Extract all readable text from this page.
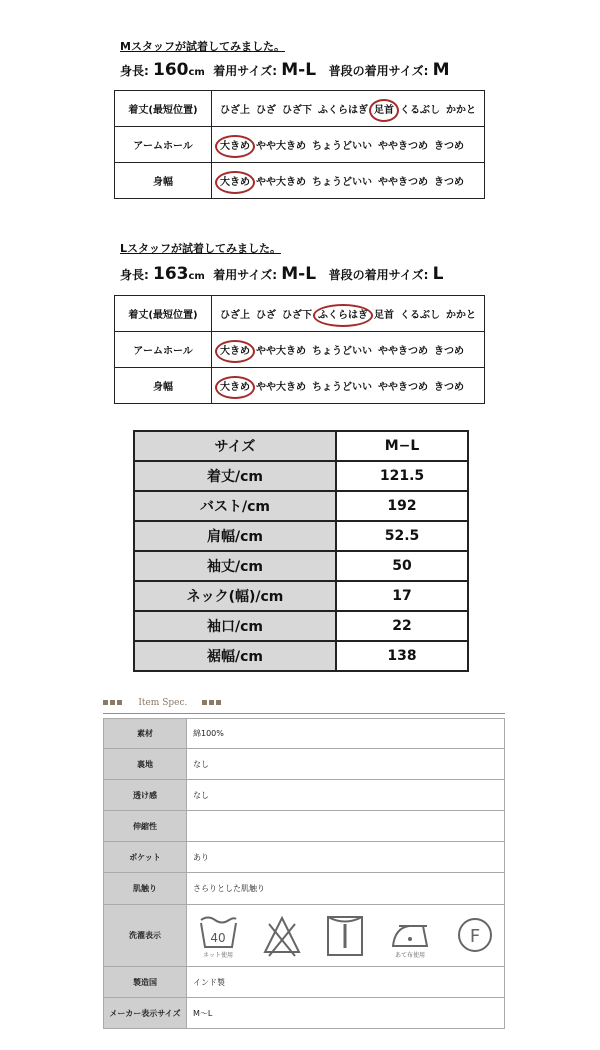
Mスタッフが試着してみました。
身長: 160cm 着用サイズ: M-L 普段の着用サイズ: M
着丈(最短位置)	ひざ上 ひざ ひざ下 ふくらはぎ 足首 くるぶし かかと
アームホール	大きめ やや大きめ ちょうどいい ややきつめ きつめ
身幅	大きめ やや大きめ ちょうどいい ややきつめ きつめ
Lスタッフが試着してみました。
身長: 163cm 着用サイズ: M-L 普段の着用サイズ: L
着丈(最短位置)	ひざ上 ひざ ひざ下 ふくらはぎ 足首 くるぶし かかと
アームホール	大きめ やや大きめ ちょうどいい ややきつめ きつめ
身幅	大きめ やや大きめ ちょうどいい ややきつめ きつめ
サイズ	M−L
着丈/cm	121.5
バスト/cm	192
肩幅/cm	52.5
袖丈/cm	50
ネック(幅)/cm	17
袖口/cm	22
裾幅/cm	138
Item Spec.
素材	綿100%
裏地	なし
透け感	なし
伸縮性	
ポケット	あり
肌触り	さらりとした肌触り
洗濯表示	40
ネット使用 あて布使用
F

製造国	インド製
メーカー表示サイズ	M〜L
